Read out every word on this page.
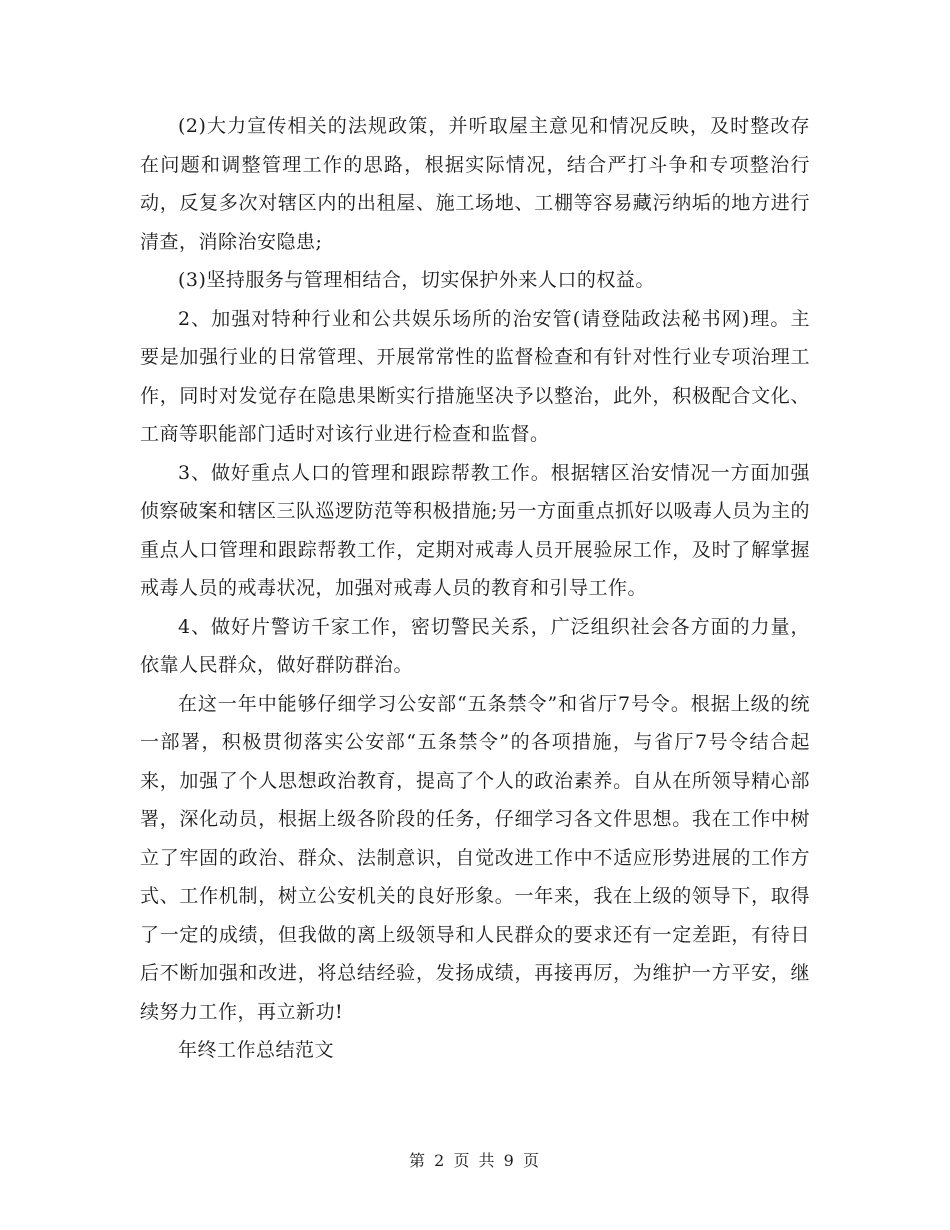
(2)大力宣传相关的法规政策，并听取屋主意见和情况反映，及时整改存在问题和调整管理工作的思路，根据实际情况，结合严打斗争和专项整治行动，反复多次对辖区内的出租屋、施工场地、工棚等容易藏污纳垢的地方进行清查，消除治安隐患;

(3)坚持服务与管理相结合，切实保护外来人口的权益。

2、加强对特种行业和公共娱乐场所的治安管(请登陆政法秘书网)理。主要是加强行业的日常管理、开展常常性的监督检查和有针对性行业专项治理工作，同时对发觉存在隐患果断实行措施坚决予以整治，此外，积极配合文化、工商等职能部门适时对该行业进行检查和监督。

3、做好重点人口的管理和跟踪帮教工作。根据辖区治安情况一方面加强侦察破案和辖区三队巡逻防范等积极措施;另一方面重点抓好以吸毒人员为主的重点人口管理和跟踪帮教工作，定期对戒毒人员开展验尿工作，及时了解掌握戒毒人员的戒毒状况，加强对戒毒人员的教育和引导工作。

4、做好片警访千家工作，密切警民关系，广泛组织社会各方面的力量，依靠人民群众，做好群防群治。

在这一年中能够仔细学习公安部“五条禁令”和省厅7号令。根据上级的统一部署，积极贯彻落实公安部“五条禁令”的各项措施，与省厅7号令结合起来，加强了个人思想政治教育，提高了个人的政治素养。自从在所领导精心部署，深化动员，根据上级各阶段的任务，仔细学习各文件思想。我在工作中树立了牢固的政治、群众、法制意识，自觉改进工作中不适应形势进展的工作方式、工作机制，树立公安机关的良好形象。一年来，我在上级的领导下，取得了一定的成绩，但我做的离上级领导和人民群众的要求还有一定差距，有待日后不断加强和改进，将总结经验，发扬成绩，再接再厉，为维护一方平安，继续努力工作，再立新功!

年终工作总结范文

第 2 页 共 9 页
